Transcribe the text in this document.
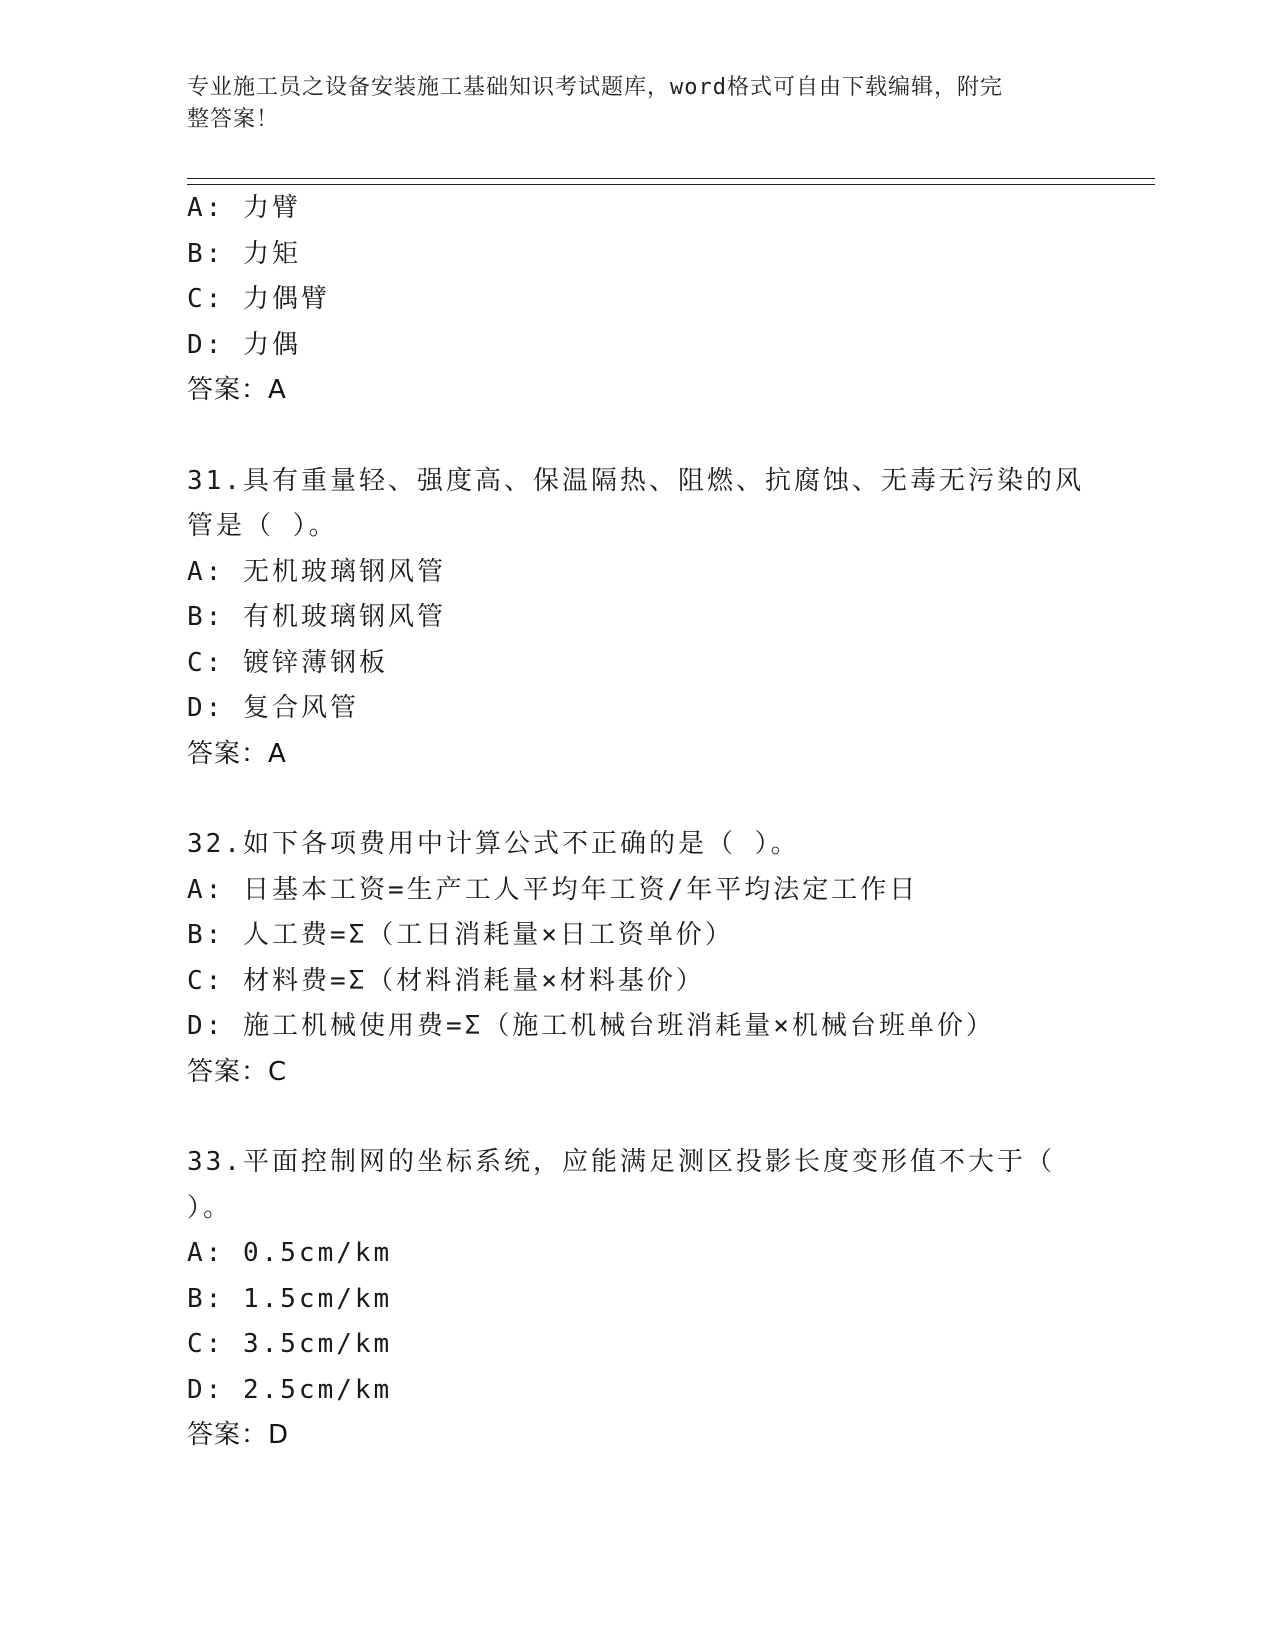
专业施工员之设备安装施工基础知识考试题库，word格式可自由下载编辑，附完
整答案！
A: 力臂
B: 力矩
C: 力偶臂
D: 力偶
答案：A
31.具有重量轻、强度高、保温隔热、阻燃、抗腐蚀、无毒无污染的风
管是（ ）。
A: 无机玻璃钢风管
B: 有机玻璃钢风管
C: 镀锌薄钢板
D: 复合风管
答案：A
32.如下各项费用中计算公式不正确的是（ ）。
A: 日基本工资=生产工人平均年工资/年平均法定工作日
B: 人工费=Σ（工日消耗量×日工资单价）
C: 材料费=Σ（材料消耗量×材料基价）
D: 施工机械使用费=Σ（施工机械台班消耗量×机械台班单价）
答案：C
33.平面控制网的坐标系统，应能满足测区投影长度变形值不大于（
）。
A: 0.5cm/km
B: 1.5cm/km
C: 3.5cm/km
D: 2.5cm/km
答案：D
